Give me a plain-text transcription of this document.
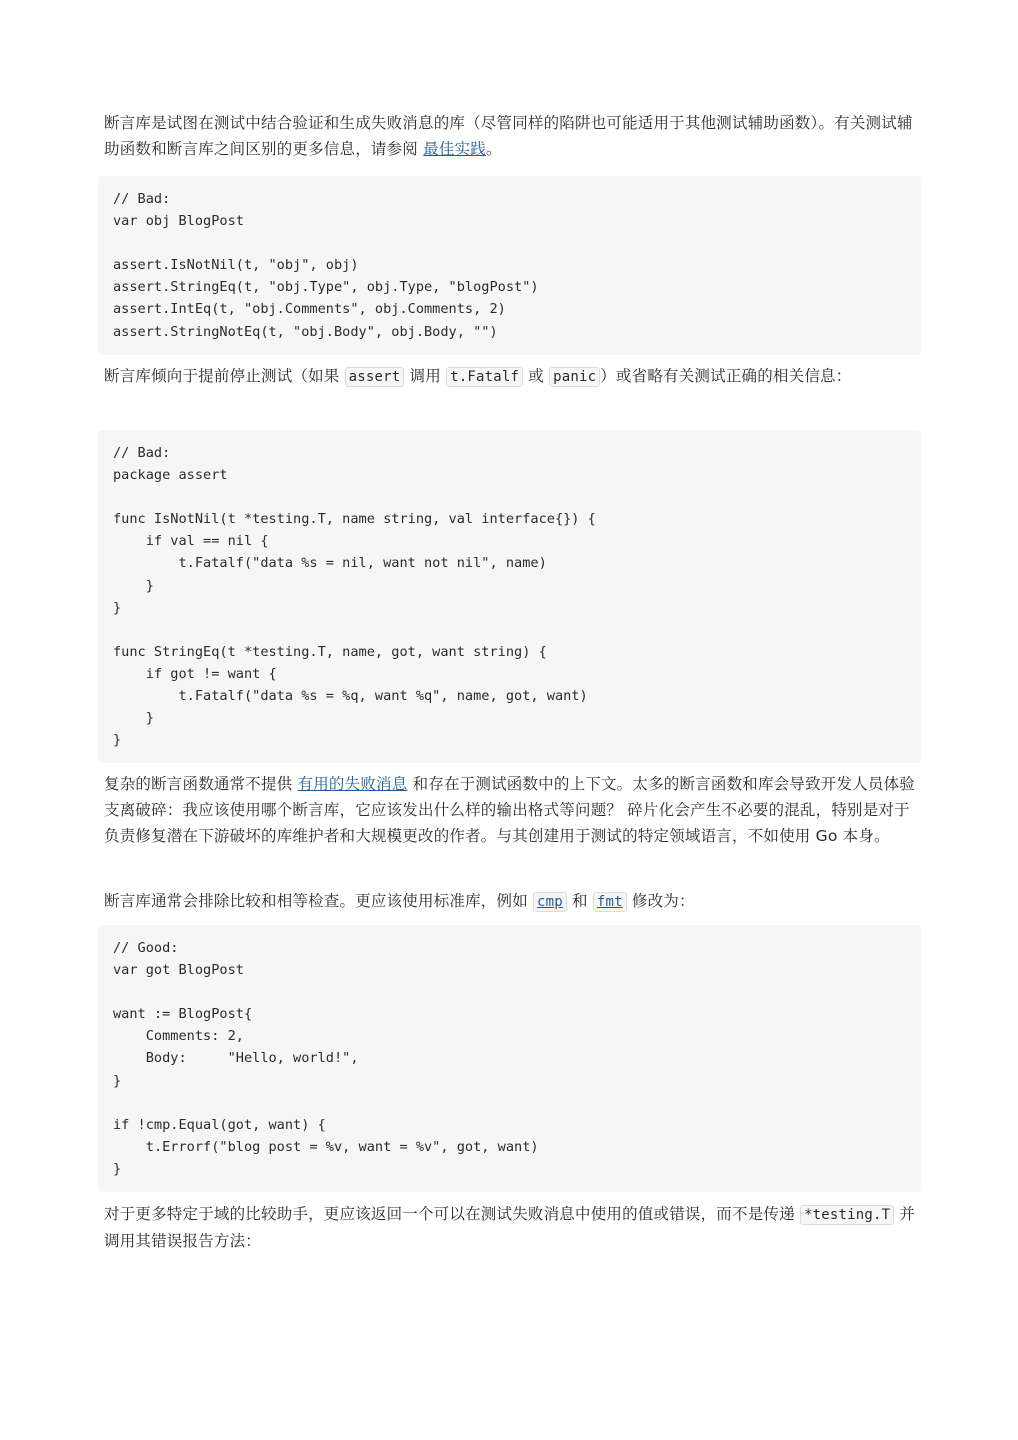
断言库是试图在测试中结合验证和生成失败消息的库（尽管同样的陷阱也可能适用于其他测试辅助函数）。有关测试辅助函数和断言库之间区别的更多信息，请参阅 最佳实践。

// Bad:
var obj BlogPost

assert.IsNotNil(t, "obj", obj)
assert.StringEq(t, "obj.Type", obj.Type, "blogPost")
assert.IntEq(t, "obj.Comments", obj.Comments, 2)
assert.StringNotEq(t, "obj.Body", obj.Body, "")

断言库倾向于提前停止测试（如果 assert 调用 t.Fatalf 或 panic ）或省略有关测试正确的相关信息：

// Bad:
package assert

func IsNotNil(t *testing.T, name string, val interface{}) {
if val == nil {
t.Fatalf("data %s = nil, want not nil", name)
}
}

func StringEq(t *testing.T, name, got, want string) {
if got != want {
t.Fatalf("data %s = %q, want %q", name, got, want)
}
}

复杂的断言函数通常不提供 有用的失败消息 和存在于测试函数中的上下文。太多的断言函数和库会导致开发人员体验支离破碎：我应该使用哪个断言库，它应该发出什么样的输出格式等问题？ 碎片化会产生不必要的混乱，特别是对于负责修复潜在下游破坏的库维护者和大规模更改的作者。与其创建用于测试的特定领域语言，不如使用 Go 本身。

断言库通常会排除比较和相等检查。更应该使用标准库，例如 cmp 和 fmt 修改为：

// Good:
var got BlogPost

want := BlogPost{
Comments: 2,
Body:     "Hello, world!",
}

if !cmp.Equal(got, want) {
t.Errorf("blog post = %v, want = %v", got, want)
}

对于更多特定于域的比较助手，更应该返回一个可以在测试失败消息中使用的值或错误，而不是传递 *testing.T 并调用其错误报告方法：
